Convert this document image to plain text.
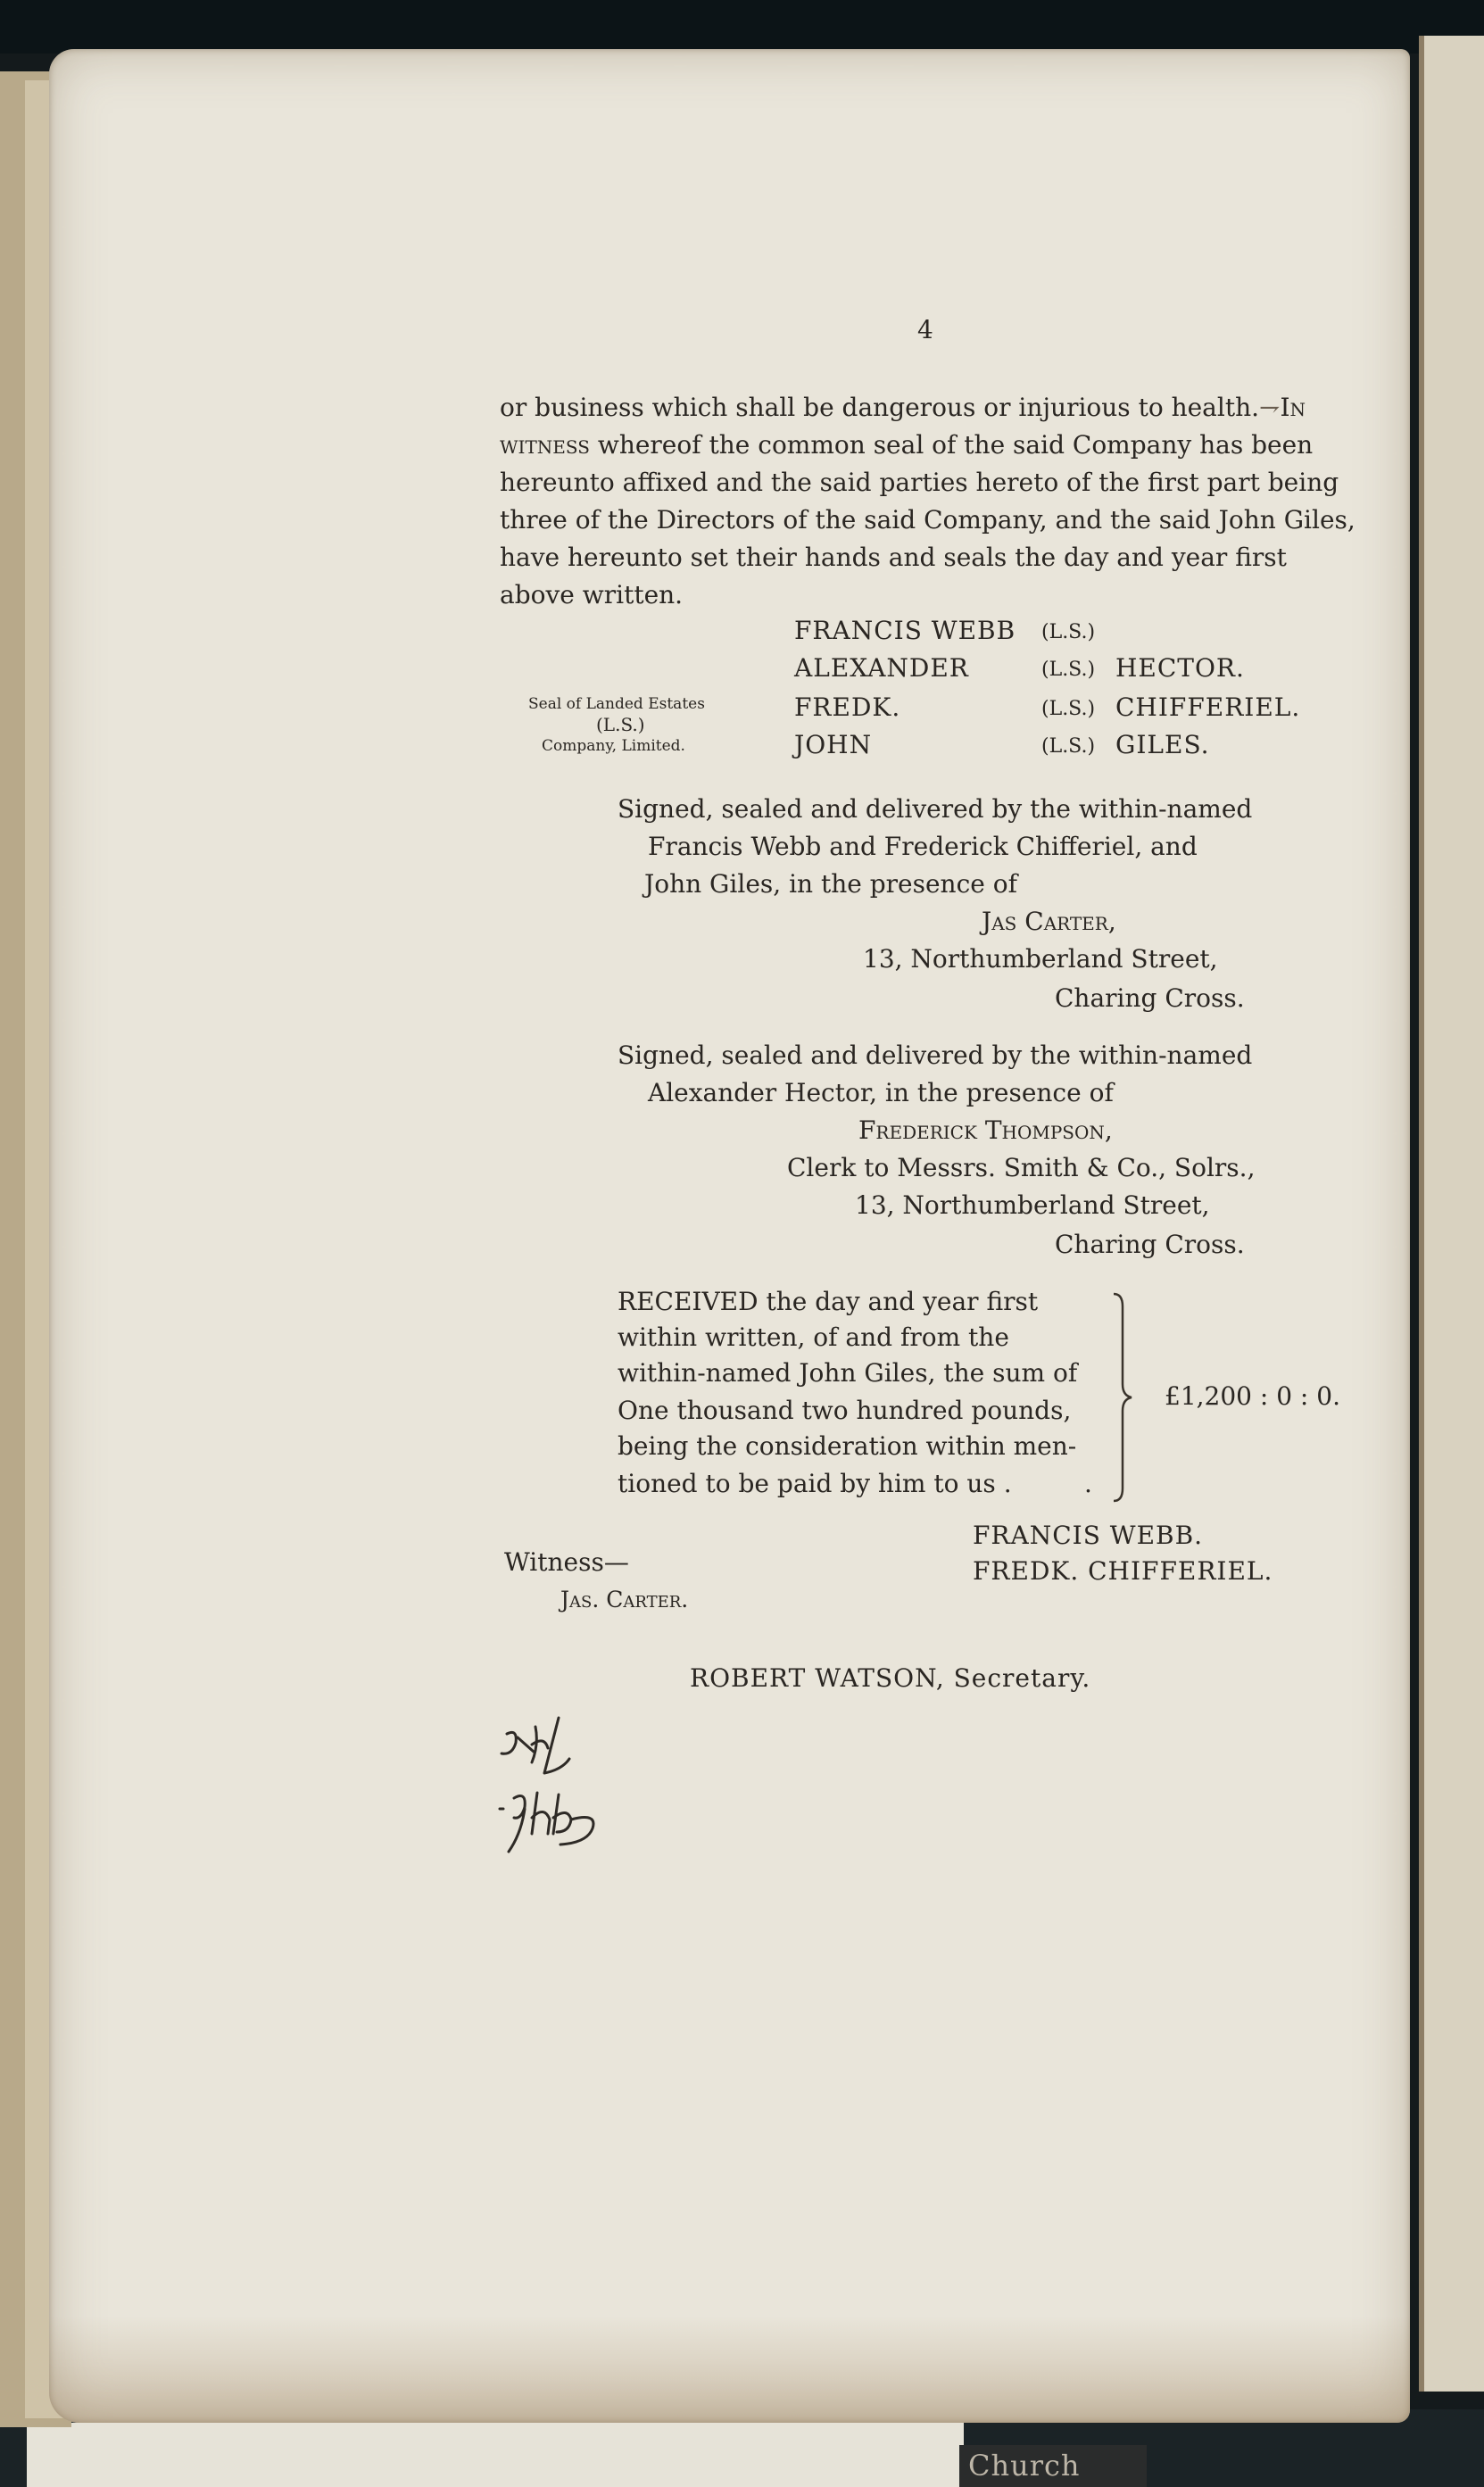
Church
4
or business which shall be dangerous or injurious to health.⇁In
witness whereof the common seal of the said Company has been
hereunto affixed and the said parties hereto of the first part being
three of the Directors of the said Company, and the said John Giles,
have hereunto set their hands and seals the day and year first
above written.
Seal of Landed Estates
(L.S.)
Company, Limited.
FRANCIS WEBB (L.S.)
ALEXANDER	(L.S.) HECTOR.
FREDK.	(L.S.) CHIFFERIEL.
JOHN	(L.S.) GILES.
Signed, sealed and delivered by the within-named
Francis Webb and Frederick Chifferiel, and
John Giles, in the presence of
Jas Carter,
13, Northumberland Street,
Charing Cross.
Signed, sealed and delivered by the within-named
Alexander Hector, in the presence of
Frederick Thompson,
Clerk to Messrs. Smith & Co., Solrs.,
13, Northumberland Street,
Charing Cross.
RECEIVED the day and year first
within written, of and from the
within-named John Giles, the sum of
One thousand two hundred pounds,
being the consideration within men-
tioned to be paid by him to us .	.
£1,200 : 0 : 0.
FRANCIS WEBB.
FREDK. CHIFFERIEL.
Witness—
Jas. Carter.
ROBERT WATSON, Secretary.
